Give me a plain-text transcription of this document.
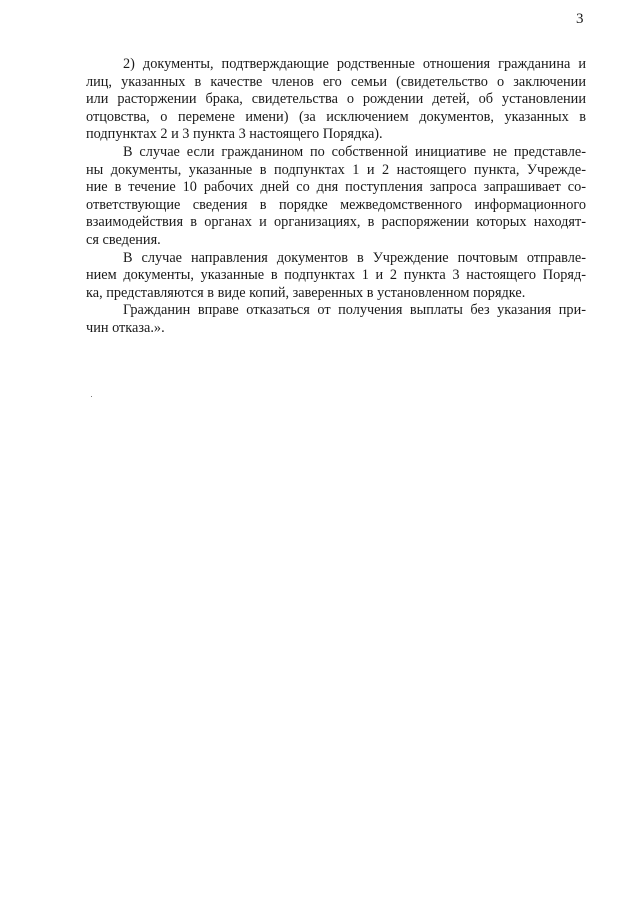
3
2) документы, подтверждающие родственные отношения гражданина и
лиц, указанных в качестве членов его семьи (свидетельство о заключении
или расторжении брака, свидетельства о рождении детей, об установлении
отцовства, о перемене имени) (за исключением документов, указанных в
подпунктах 2 и 3 пункта 3 настоящего Порядка).
В случае если гражданином по собственной инициативе не представле-
ны документы, указанные в подпунктах 1 и 2 настоящего пункта, Учрежде-
ние в течение 10 рабочих дней со дня поступления запроса запрашивает со-
ответствующие сведения в порядке межведомственного информационного
взаимодействия в органах и организациях, в распоряжении которых находят-
ся сведения.
В случае направления документов в Учреждение почтовым отправле-
нием документы, указанные в подпунктах 1 и 2 пункта 3 настоящего Поряд-
ка, представляются в виде копий, заверенных в установленном порядке.
Гражданин вправе отказаться от получения выплаты без указания при-
чин отказа.».
